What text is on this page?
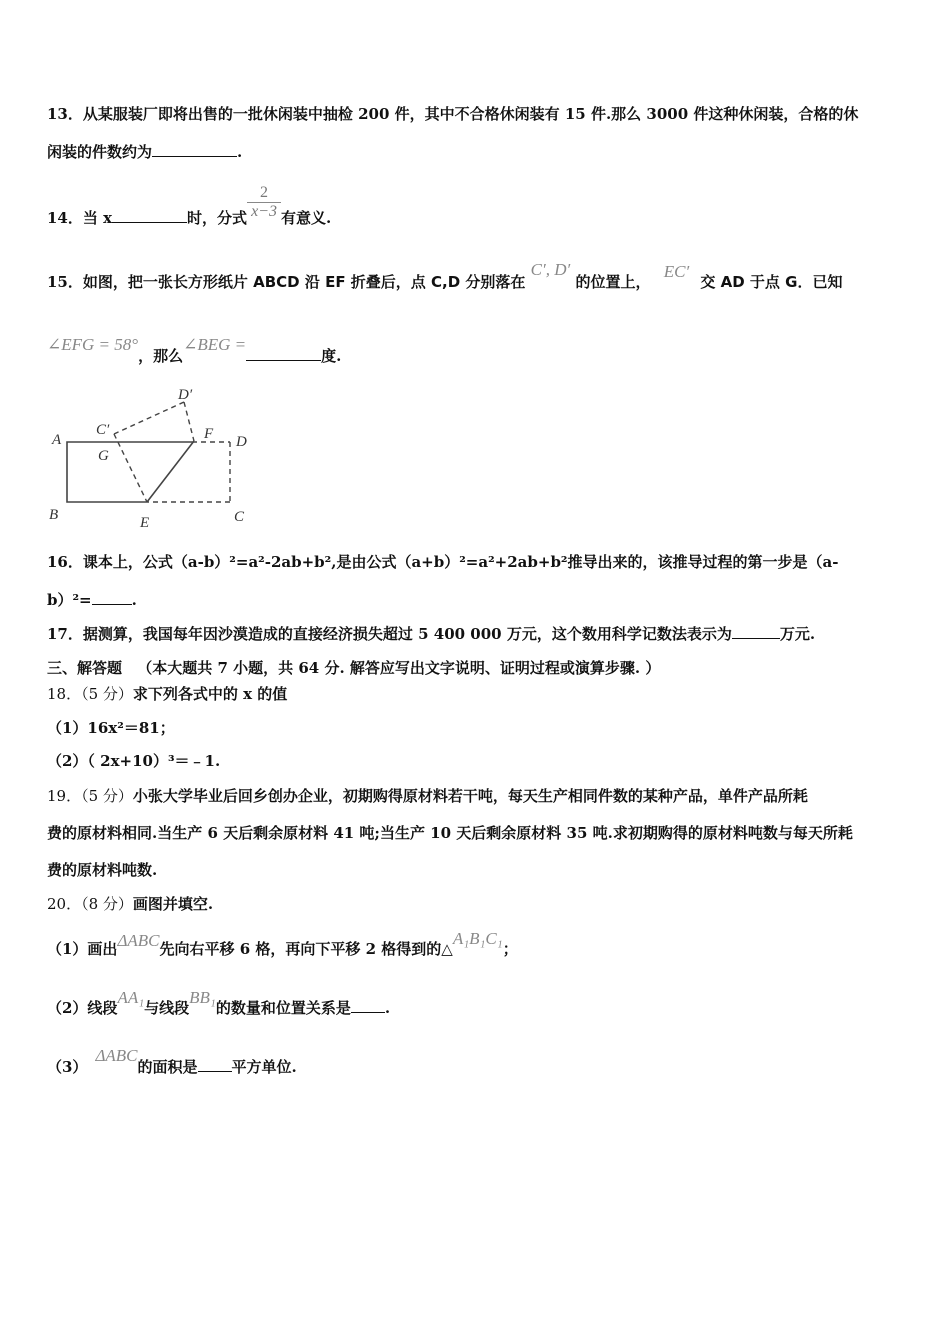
13．从某服装厂即将出售的一批休闲装中抽检 200 件，其中不合格休闲装有 15 件.那么 3000 件这种休闲装，合格的休
闲装的件数约为	.
14．当 x	时，分式 $\frac{2}{x-3}$ 有意义.
15．如图，把一张长方形纸片 ABCD 沿 EF 折叠后，点 C,D 分别落在 C′, D′ 的位置上， EC′ 交 AD 于点 G．已知
∠EFG = 58°，那么∠BEG =度.
A
B	C
D
E
F
G
C′
D′
16．课本上，公式（a-b）²=a²-2ab+b²,是由公式（a+b）²=a²+2ab+b²推导出来的，该推导过程的第一步是（a-
b）²=	.
17．据测算，我国每年因沙漠造成的直接经济损失超过 5 400 000 万元，这个数用科学记数法表示为	万元.
三、解答题 （本大题共 7 小题，共 64 分. 解答应写出文字说明、证明过程或演算步骤. ）
18．（5 分）求下列各式中的 x 的值
（1）16x²＝81；
（2）（ 2x+10）³＝﹣1.
19．（5 分）小张大学毕业后回乡创办企业，初期购得原材料若干吨，每天生产相同件数的某种产品，单件产品所耗
费的原材料相同.当生产 6 天后剩余原材料 41 吨;当生产 10 天后剩余原材料 35 吨.求初期购得的原材料吨数与每天所耗
费的原材料吨数.
20．（8 分）画图并填空.
（1）画出ΔABC先向右平移 6 格，再向下平移 2 格得到的△A₁B₁C₁；
（2）线段AA₁与线段BB₁的数量和位置关系是 .
（3）ΔABC的面积是 平方单位.
